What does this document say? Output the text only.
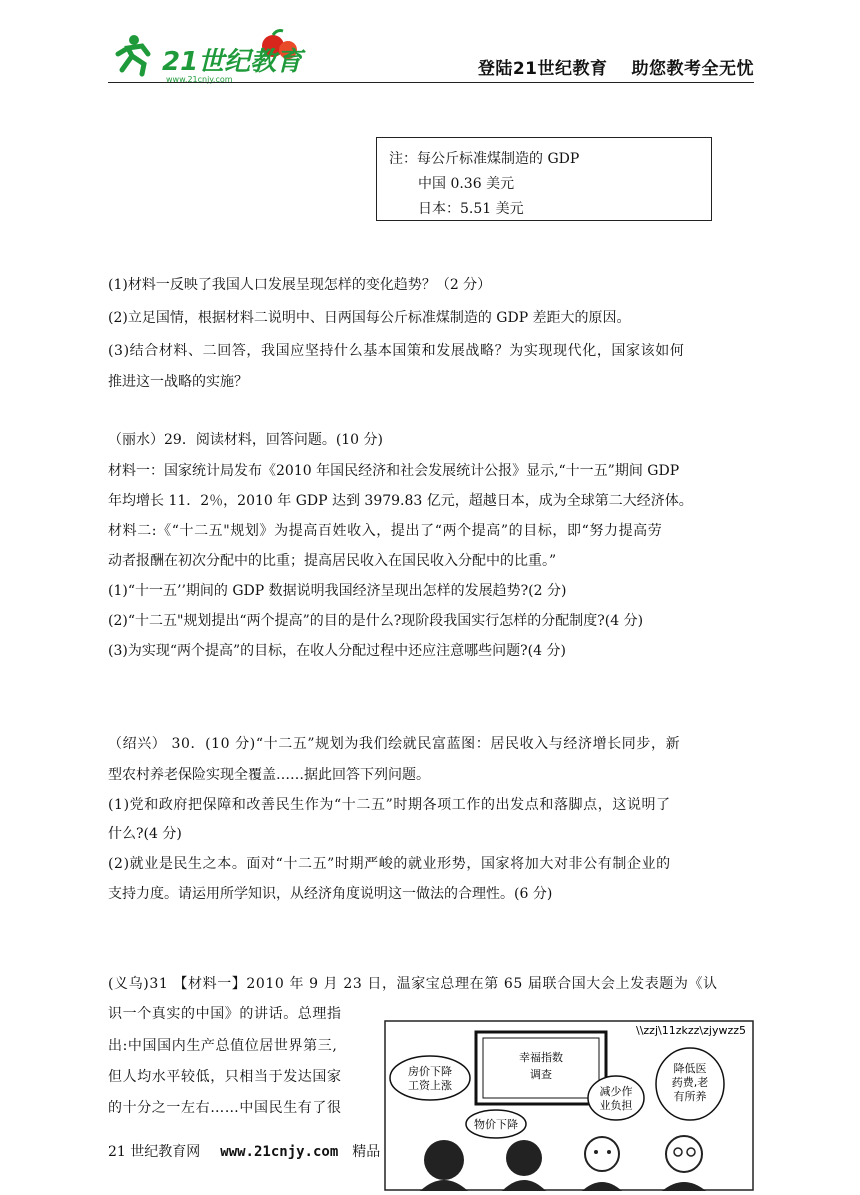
21世纪教育
www.21cnjy.com
登陆21世纪教育 助您教考全无忧
注：每公斤标准煤制造的 GDP
中国 0.36 美元
日本：5.51 美元
(1)材料一反映了我国人口发展呈现怎样的变化趋势？（2 分）
(2)立足国情，根据材料二说明中、日两国每公斤标准煤制造的 GDP 差距大的原因。
(3)结合材料、二回答，我国应坚持什么基本国策和发展战略？为实现现代化，国家该如何
推进这一战略的实施？
（丽水）29．阅读材料，回答问题。(10 分)
材料一：国家统计局发布《2010 年国民经济和社会发展统计公报》显示,“十一五”期间 GDP
年均增长 11．2％，2010 年 GDP 达到 3979.83 亿元，超越日本，成为全球第二大经济体。
材料二:《“十二五"规划》为提高百姓收入，提出了“两个提高”的目标，即“努力提高劳
动者报酬在初次分配中的比重；提高居民收入在国民收入分配中的比重。”
(1)“十一五’’期间的 GDP 数据说明我国经济呈现出怎样的发展趋势?(2 分)
(2)“十二五"规划提出“两个提高”的目的是什么?现阶段我国实行怎样的分配制度?(4 分)
(3)为实现“两个提高”的目标，在收人分配过程中还应注意哪些问题?(4 分)
（绍兴） 30．(10 分)“十二五”规划为我们绘就民富蓝图：居民收入与经济增长同步，新
型农村养老保险实现全覆盖……据此回答下列问题。
(1)党和政府把保障和改善民生作为“十二五”时期各项工作的出发点和落脚点，这说明了
什么?(4 分)
(2)就业是民生之本。面对“十二五”时期严峻的就业形势，国家将加大对非公有制企业的
支持力度。请运用所学知识，从经济角度说明这一做法的合理性。(6 分)
(义乌)31 【材料一】2010 年 9 月 23 日，温家宝总理在第 65 届联合国大会上发表题为《认
识一个真实的中国》的讲话。总理指
出:中国国内生产总值位居世界第三,
但人均水平较低，只相当于发达国家
的十分之一左右……中国民生有了很
\\zzj\11zkzz\zjywzz5
幸福指数
调查
房价下降
工资上涨
物价下降
减少作
业负担
降低医
药费,老
有所养
21 世纪教育网 www.21cnjy.com 精品
